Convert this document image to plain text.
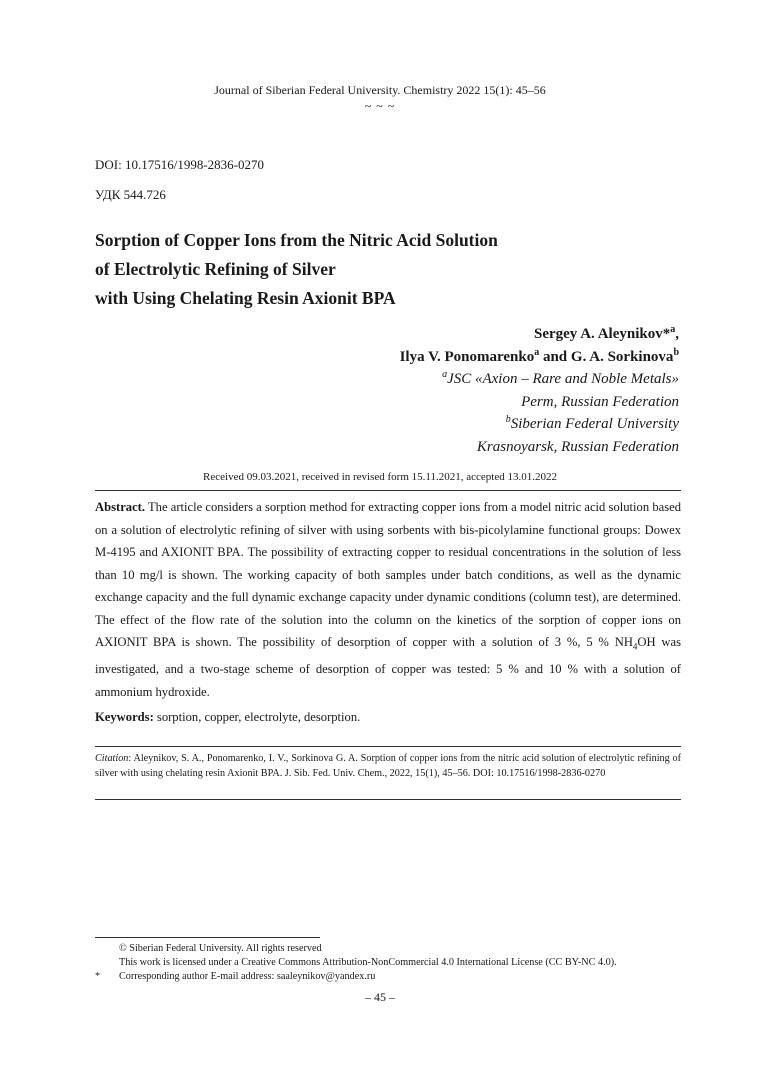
Journal of Siberian Federal University. Chemistry 2022 15(1): 45–56
~ ~ ~
DOI: 10.17516/1998-2836-0270
УДК 544.726
Sorption of Copper Ions from the Nitric Acid Solution
of Electrolytic Refining of Silver
with Using Chelating Resin Axionit BPA
Sergey A. Aleynikov*$^a$,
Ilya V. Ponomarenko$^a$ and G. A. Sorkinova$^b$
$^a$JSC «Axion – Rare and Noble Metals»
Perm, Russian Federation
$^b$Siberian Federal University
Krasnoyarsk, Russian Federation
Received 09.03.2021, received in revised form 15.11.2021, accepted 13.01.2022
Abstract. The article considers a sorption method for extracting copper ions from a model nitric acid solution based on a solution of electrolytic refining of silver with using sorbents with bis-picolylamine functional groups: Dowex M-4195 and AXIONIT BPA. The possibility of extracting copper to residual concentrations in the solution of less than 10 mg/l is shown. The working capacity of both samples under batch conditions, as well as the dynamic exchange capacity and the full dynamic exchange capacity under dynamic conditions (column test), are determined. The effect of the flow rate of the solution into the column on the kinetics of the sorption of copper ions on AXIONIT BPA is shown. The possibility of desorption of copper with a solution of 3 %, 5 % $NH_4OH$ was investigated, and a two-stage scheme of desorption of copper was tested: 5 % and 10 % with a solution of ammonium hydroxide.
Keywords: sorption, copper, electrolyte, desorption.
Citation: Aleynikov, S. A., Ponomarenko, I. V., Sorkinova G. A. Sorption of copper ions from the nitric acid solution of electrolytic refining of silver with using chelating resin Axionit BPA. J. Sib. Fed. Univ. Chem., 2022, 15(1), 45–56. DOI: 10.17516/1998-2836-0270
© Siberian Federal University. All rights reserved
This work is licensed under a Creative Commons Attribution-NonCommercial 4.0 International License (CC BY-NC 4.0).
* Corresponding author E-mail address: saaleynikov@yandex.ru
– 45 –
